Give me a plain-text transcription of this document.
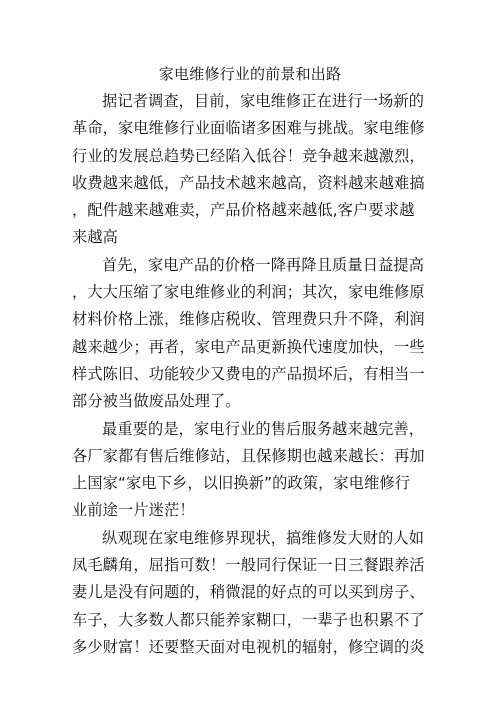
家电维修行业的前景和出路
据记者调查，目前，家电维修正在进行一场新的
革命，家电维修行业面临诸多困难与挑战。家电维修
行业的发展总趋势已经陷入低谷！竞争越来越激烈，
收费越来越低，产品技术越来越高，资料越来越难搞
，配件越来越难卖，产品价格越来越低,客户要求越
来越高
首先，家电产品的价格一降再降且质量日益提高
，大大压缩了家电维修业的利润；其次，家电维修原
材料价格上涨，维修店税收、管理费只升不降，利润
越来越少；再者，家电产品更新换代速度加快，一些
样式陈旧、功能较少又费电的产品损坏后，有相当一
部分被当做废品处理了。
最重要的是，家电行业的售后服务越来越完善，
各厂家都有售后维修站，且保修期也越来越长：再加
上国家“家电下乡，以旧换新”的政策，家电维修行
业前途一片迷茫！
纵观现在家电维修界现状，搞维修发大财的人如
凤毛麟角，屈指可数！一般同行保证一日三餐跟养活
妻儿是没有问题的，稍微混的好点的可以买到房子、
车子，大多数人都只能养家糊口，一辈子也积累不了
多少财富！还要整天面对电视机的辐射，修空调的炎
